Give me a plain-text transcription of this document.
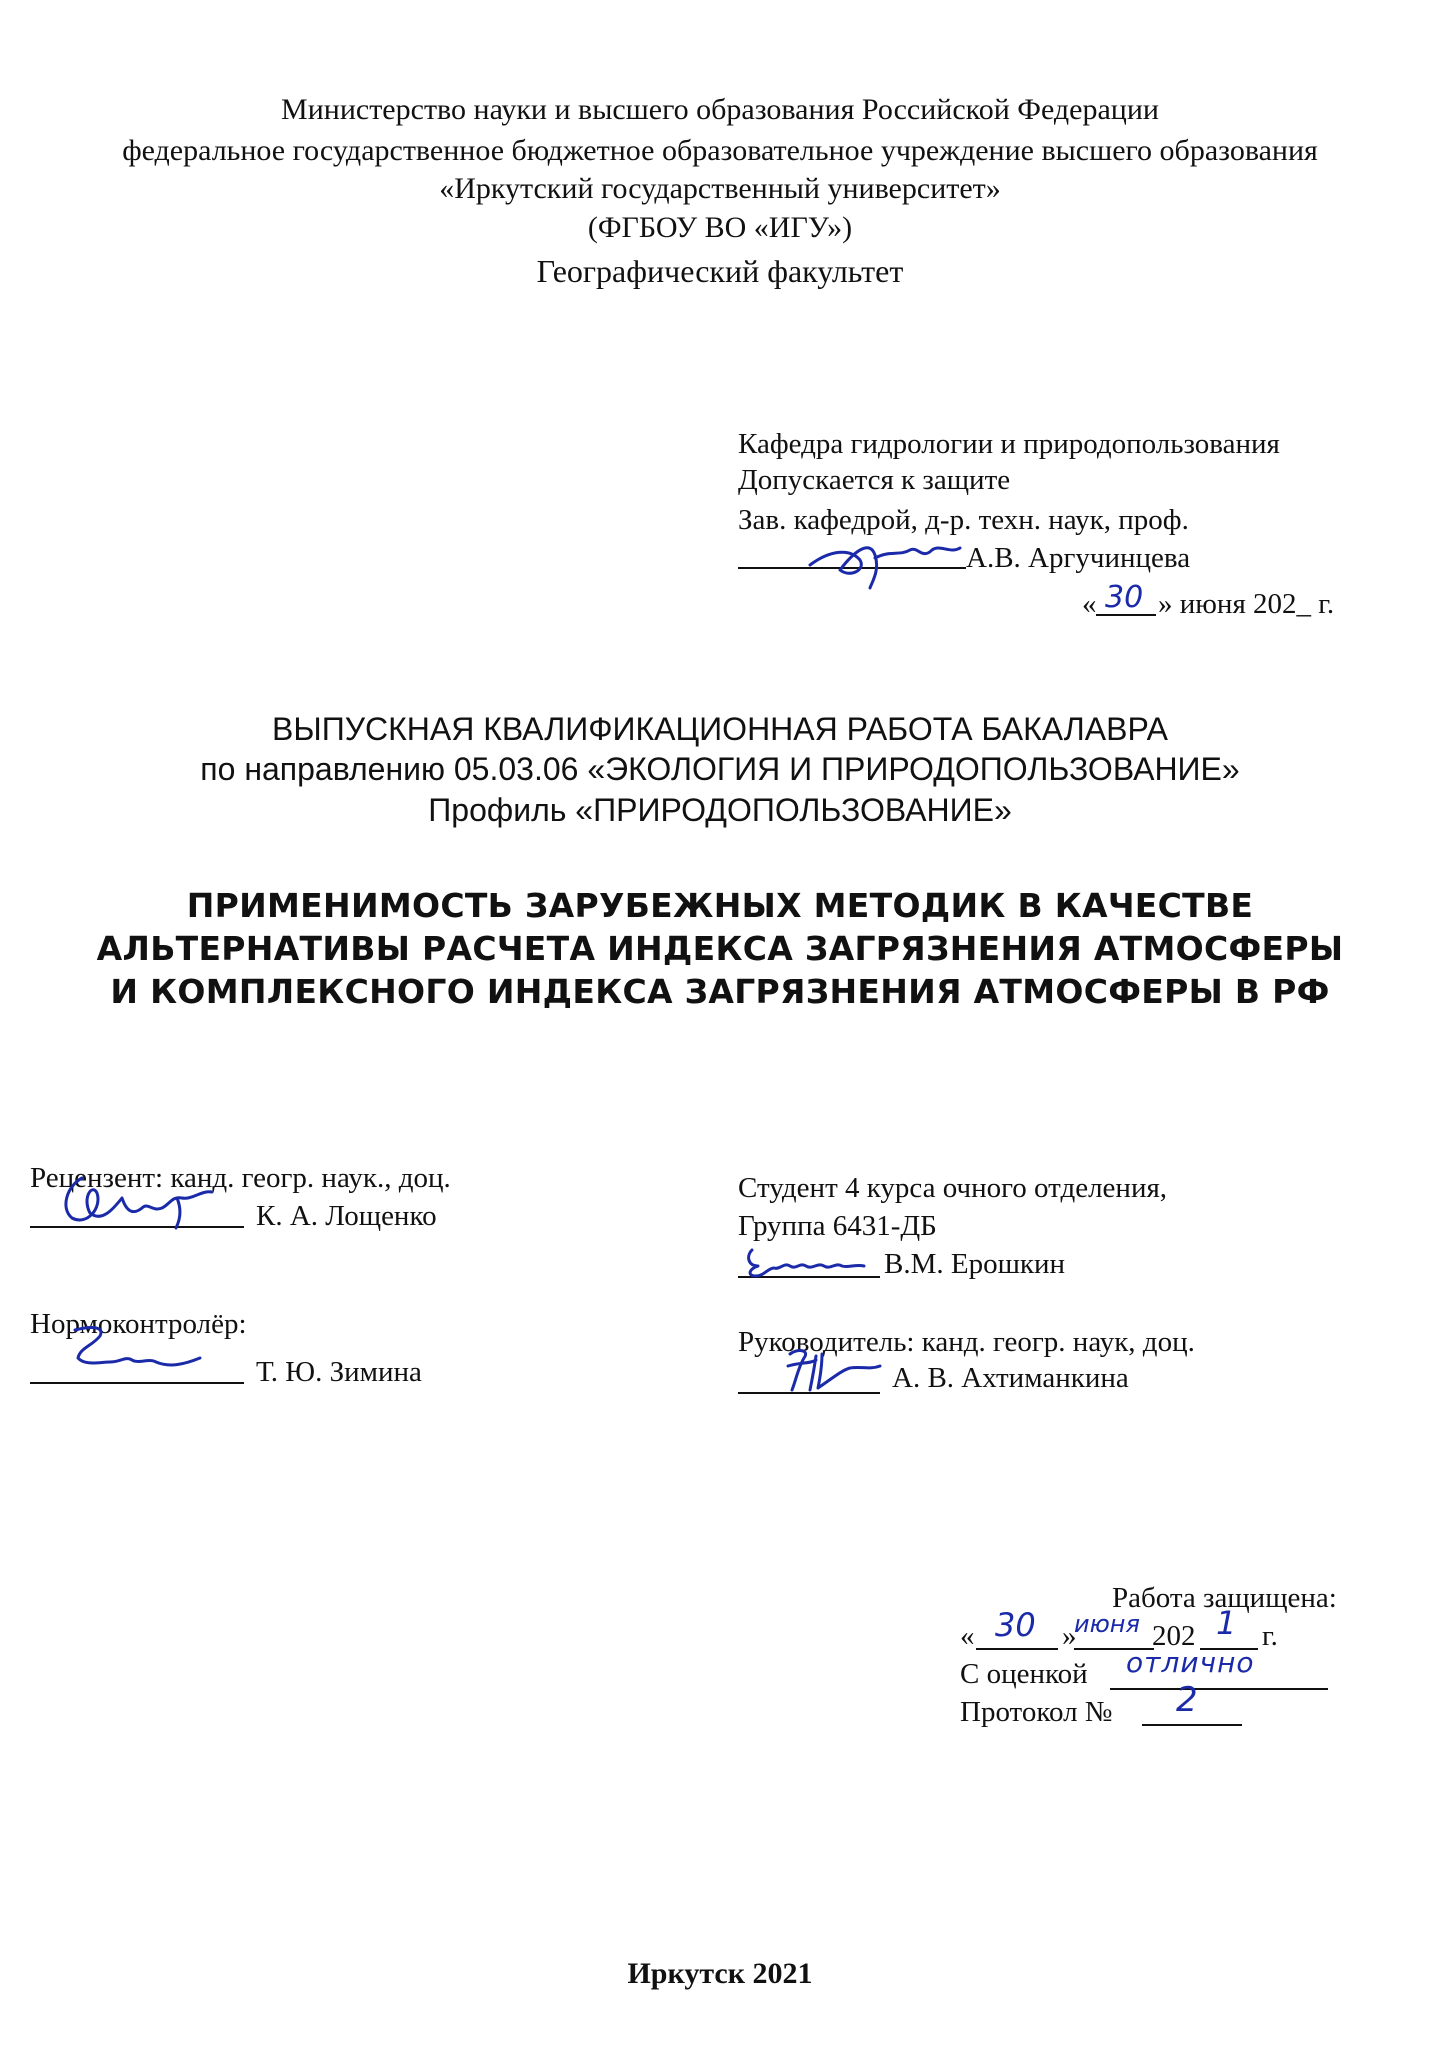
Министерство науки и высшего образования Российской Федерации
федеральное государственное бюджетное образовательное учреждение высшего образования
«Иркутский государственный университет»
(ФГБОУ ВО «ИГУ»)
Географический факультет
Кафедра гидрологии и природопользования
Допускается к защите
Зав. кафедрой, д-р. техн. наук, проф.
А.В. Аргучинцева
« 30 » июня 202_ г.
ВЫПУСКНАЯ КВАЛИФИКАЦИОННАЯ РАБОТА БАКАЛАВРА
по направлению 05.03.06 «ЭКОЛОГИЯ И ПРИРОДОПОЛЬЗОВАНИЕ»
Профиль «ПРИРОДОПОЛЬЗОВАНИЕ»
ПРИМЕНИМОСТЬ ЗАРУБЕЖНЫХ МЕТОДИК В КАЧЕСТВЕ
АЛЬТЕРНАТИВЫ РАСЧЕТА ИНДЕКСА ЗАГРЯЗНЕНИЯ АТМОСФЕРЫ
И КОМПЛЕКСНОГО ИНДЕКСА ЗАГРЯЗНЕНИЯ АТМОСФЕРЫ В РФ
Рецензент: канд. геогр. наук., доц.
К. А. Лощенко
Нормоконтролёр:
Т. Ю. Зимина
Студент 4 курса очного отделения,
Группа 6431-ДБ
В.М. Ерошкин
Руководитель: канд. геогр. наук, доц.
А. В. Ахтиманкина
Работа защищена:
« 30 »
июня 202 1 г.
С оценкой отлично
Протокол № 2
Иркутск 2021
